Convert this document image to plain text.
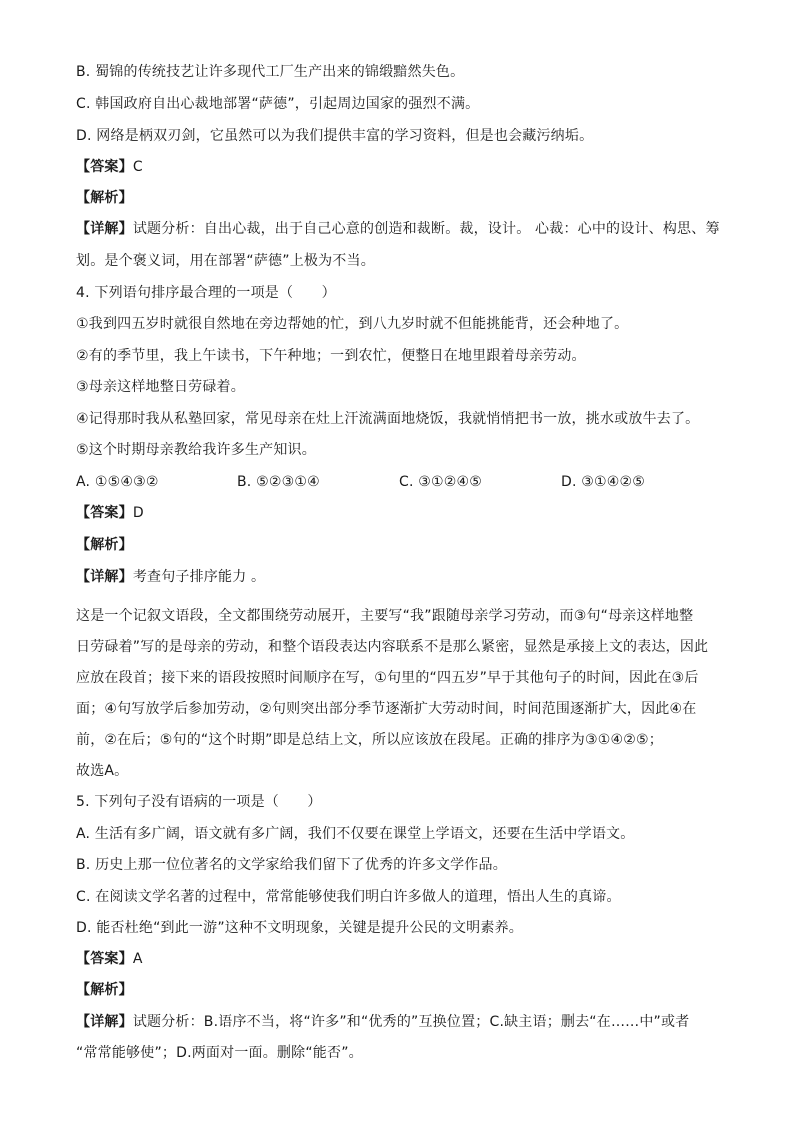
B. 蜀锦的传统技艺让许多现代工厂生产出来的锦缎黯然失色。
C. 韩国政府自出心裁地部署“萨德”，引起周边国家的强烈不满。
D. 网络是柄双刃剑，它虽然可以为我们提供丰富的学习资料，但是也会藏污纳垢。
【答案】C
【解析】
【详解】试题分析：自出心裁，出于自己心意的创造和裁断。裁，设计。 心裁：心中的设计、构思、筹
划。是个褒义词，用在部署“萨德”上极为不当。
4. 下列语句排序最合理的一项是（　　）
①我到四五岁时就很自然地在旁边帮她的忙，到八九岁时就不但能挑能背，还会种地了。
②有的季节里，我上午读书，下午种地；一到农忙，便整日在地里跟着母亲劳动。
③母亲这样地整日劳碌着。
④记得那时我从私塾回家，常见母亲在灶上汗流满面地烧饭，我就悄悄把书一放，挑水或放牛去了。
⑤这个时期母亲教给我许多生产知识。
A. ①⑤④③②	B. ⑤②③①④	C. ③①②④⑤	D. ③①④②⑤
【答案】D
【解析】
【详解】考查句子排序能力 。
这是一个记叙文语段，全文都围绕劳动展开，主要写“我”跟随母亲学习劳动，而③句“母亲这样地整
日劳碌着”写的是母亲的劳动，和整个语段表达内容联系不是那么紧密，显然是承接上文的表达，因此
应放在段首；接下来的语段按照时间顺序在写，①句里的“四五岁”早于其他句子的时间，因此在③后
面；④句写放学后参加劳动，②句则突出部分季节逐渐扩大劳动时间，时间范围逐渐扩大，因此④在
前，②在后；⑤句的“这个时期”即是总结上文，所以应该放在段尾。正确的排序为③①④②⑤；
故选A。
5. 下列句子没有语病的一项是（　　）
A. 生活有多广阔，语文就有多广阔，我们不仅要在课堂上学语文，还要在生活中学语文。
B. 历史上那一位位著名的文学家给我们留下了优秀的许多文学作品。
C. 在阅读文学名著的过程中，常常能够使我们明白许多做人的道理，悟出人生的真谛。
D. 能否杜绝“到此一游”这种不文明现象，关键是提升公民的文明素养。
【答案】A
【解析】
【详解】试题分析：B.语序不当，将“许多”和“优秀的”互换位置；C.缺主语；删去“在……中”或者
“常常能够使”；D.两面对一面。删除“能否”。
